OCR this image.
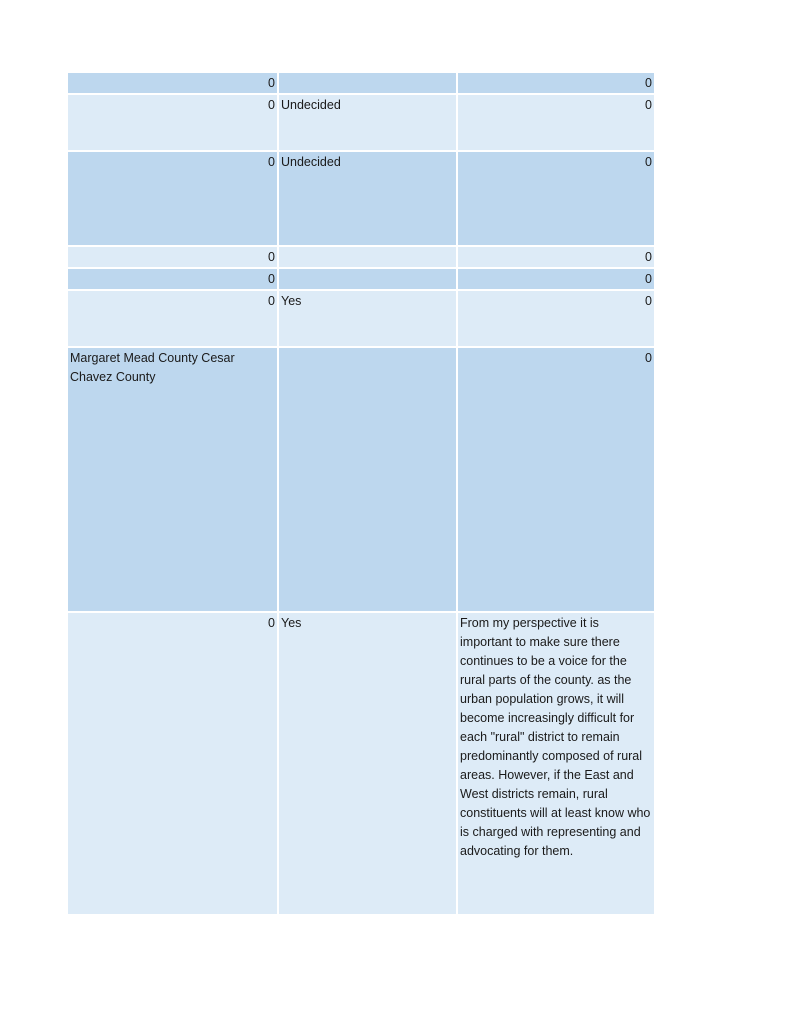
0		0
0	Undecided	0
0	Undecided	0
0		0
0		0
0	Yes	0
Margaret Mead County Cesar Chavez County		0
0	Yes	From my perspective it is important to make sure there continues to be a voice for the rural parts of the county. as the urban population grows, it will become increasingly difficult for each "rural" district to remain predominantly composed of rural areas. However, if the East and West districts remain, rural constituents will at least know who is charged with representing and advocating for them.
